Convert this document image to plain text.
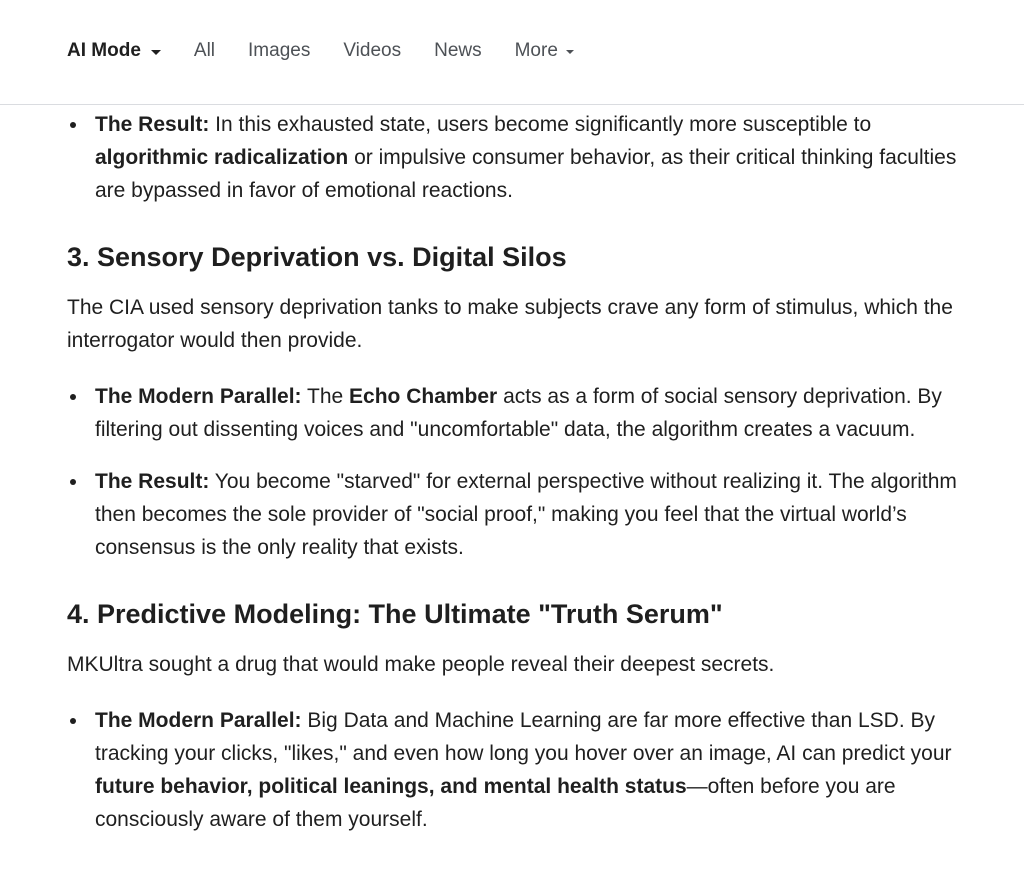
AI Mode	All Images Videos News More
The Result: In this exhausted state, users become significantly more susceptible to algorithmic radicalization or impulsive consumer behavior, as their critical thinking faculties are bypassed in favor of emotional reactions.
3. Sensory Deprivation vs. Digital Silos

The CIA used sensory deprivation tanks to make subjects crave any form of stimulus, which the interrogator would then provide.

The Modern Parallel: The Echo Chamber acts as a form of social sensory deprivation. By filtering out dissenting voices and "uncomfortable" data, the algorithm creates a vacuum.
The Result: You become "starved" for external perspective without realizing it. The algorithm then becomes the sole provider of "social proof," making you feel that the virtual world’s consensus is the only reality that exists.
4. Predictive Modeling: The Ultimate "Truth Serum"

MKUltra sought a drug that would make people reveal their deepest secrets.

The Modern Parallel: Big Data and Machine Learning are far more effective than LSD. By tracking your clicks, "likes," and even how long you hover over an image, AI can predict your future behavior, political leanings, and mental health status—often before you are consciously aware of them yourself.
